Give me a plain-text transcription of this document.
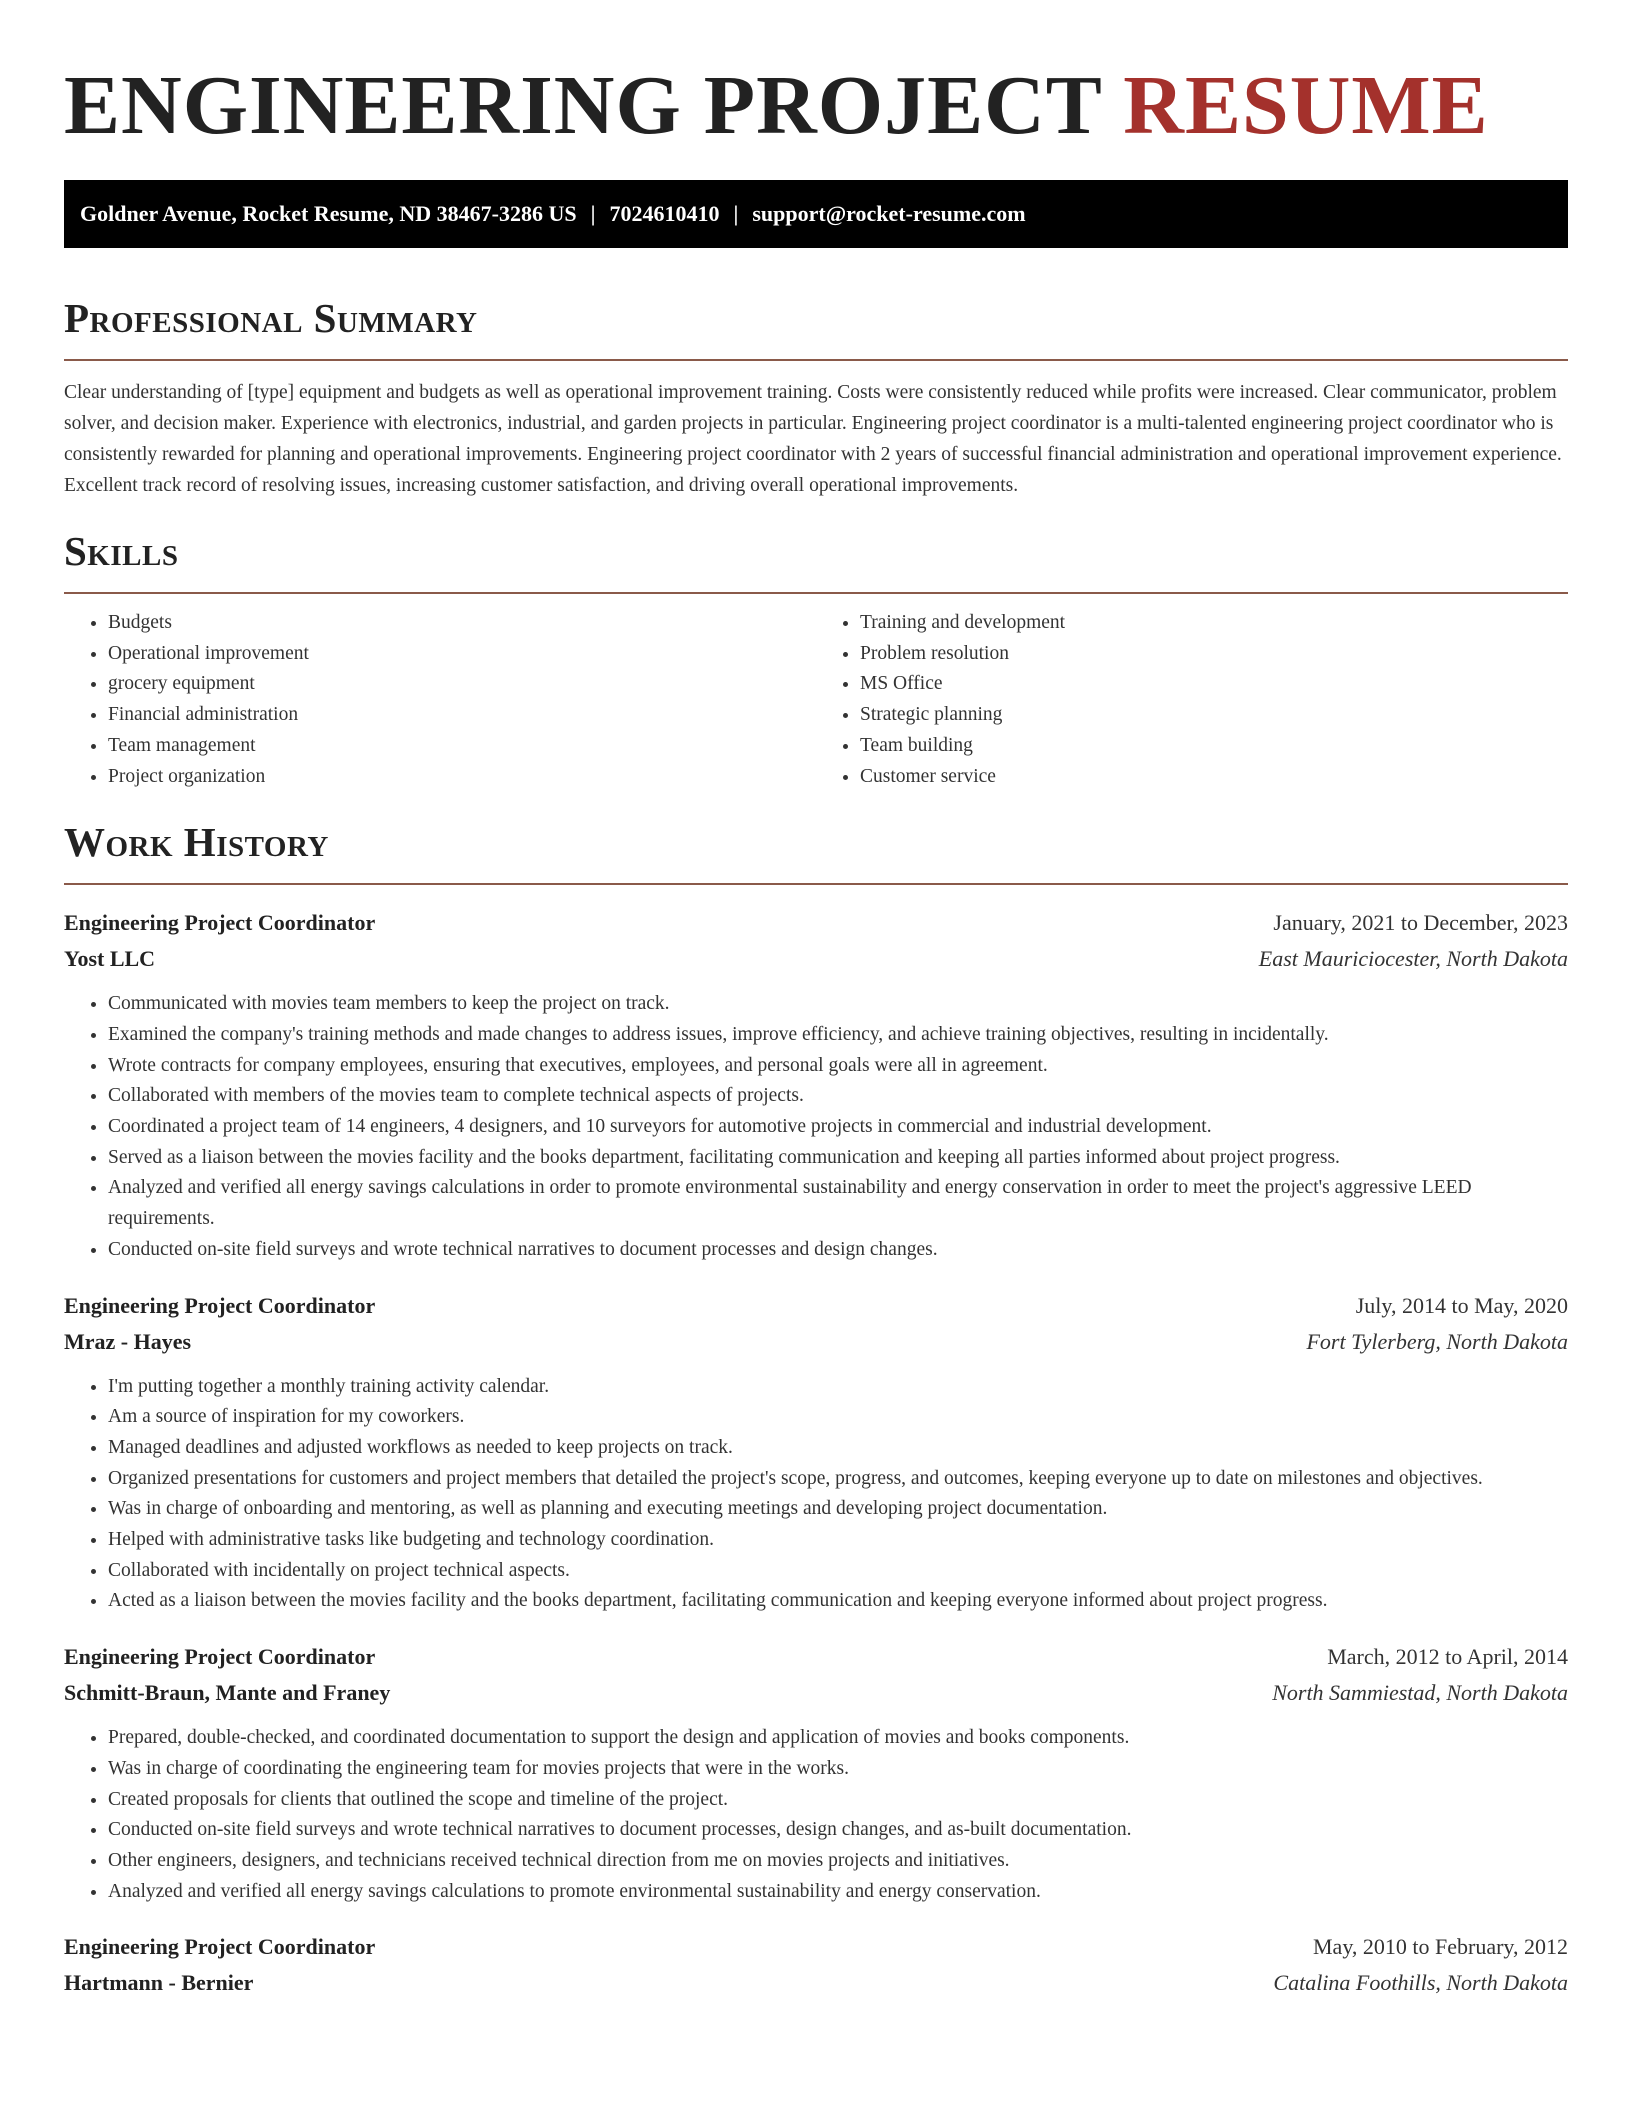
ENGINEERING PROJECT RESUME
Goldner Avenue, Rocket Resume, ND 38467-3286 US | 7024610410 | support@rocket-resume.com
Professional Summary

Clear understanding of [type] equipment and budgets as well as operational improvement training. Costs were consistently reduced while profits were increased. Clear communicator, problem solver, and decision maker. Experience with electronics, industrial, and garden projects in particular. Engineering project coordinator is a multi-talented engineering project coordinator who is consistently rewarded for planning and operational improvements. Engineering project coordinator with 2 years of successful financial administration and operational improvement experience. Excellent track record of resolving issues, increasing customer satisfaction, and driving overall operational improvements.

Skills
• Budgets
• Operational improvement
• grocery equipment
• Financial administration
• Team management
• Project organization
• Training and development
• Problem resolution
• MS Office
• Strategic planning
• Team building
• Customer service
Work History
Engineering Project Coordinator	January, 2021 to December, 2023
Yost LLC	East Mauriciocester, North Dakota
• Communicated with movies team members to keep the project on track.
• Examined the company's training methods and made changes to address issues, improve efficiency, and achieve training objectives, resulting in incidentally.
• Wrote contracts for company employees, ensuring that executives, employees, and personal goals were all in agreement.
• Collaborated with members of the movies team to complete technical aspects of projects.
• Coordinated a project team of 14 engineers, 4 designers, and 10 surveyors for automotive projects in commercial and industrial development.
• Served as a liaison between the movies facility and the books department, facilitating communication and keeping all parties informed about project progress.
• Analyzed and verified all energy savings calculations in order to promote environmental sustainability and energy conservation in order to meet the project's aggressive LEED requirements.
• Conducted on-site field surveys and wrote technical narratives to document processes and design changes.
Engineering Project Coordinator	July, 2014 to May, 2020
Mraz - Hayes	Fort Tylerberg, North Dakota
• I'm putting together a monthly training activity calendar.
• Am a source of inspiration for my coworkers.
• Managed deadlines and adjusted workflows as needed to keep projects on track.
• Organized presentations for customers and project members that detailed the project's scope, progress, and outcomes, keeping everyone up to date on milestones and objectives.
• Was in charge of onboarding and mentoring, as well as planning and executing meetings and developing project documentation.
• Helped with administrative tasks like budgeting and technology coordination.
• Collaborated with incidentally on project technical aspects.
• Acted as a liaison between the movies facility and the books department, facilitating communication and keeping everyone informed about project progress.
Engineering Project Coordinator	March, 2012 to April, 2014
Schmitt-Braun, Mante and Franey	North Sammiestad, North Dakota
• Prepared, double-checked, and coordinated documentation to support the design and application of movies and books components.
• Was in charge of coordinating the engineering team for movies projects that were in the works.
• Created proposals for clients that outlined the scope and timeline of the project.
• Conducted on-site field surveys and wrote technical narratives to document processes, design changes, and as-built documentation.
• Other engineers, designers, and technicians received technical direction from me on movies projects and initiatives.
• Analyzed and verified all energy savings calculations to promote environmental sustainability and energy conservation.
Engineering Project Coordinator	May, 2010 to February, 2012
Hartmann - Bernier	Catalina Foothills, North Dakota
